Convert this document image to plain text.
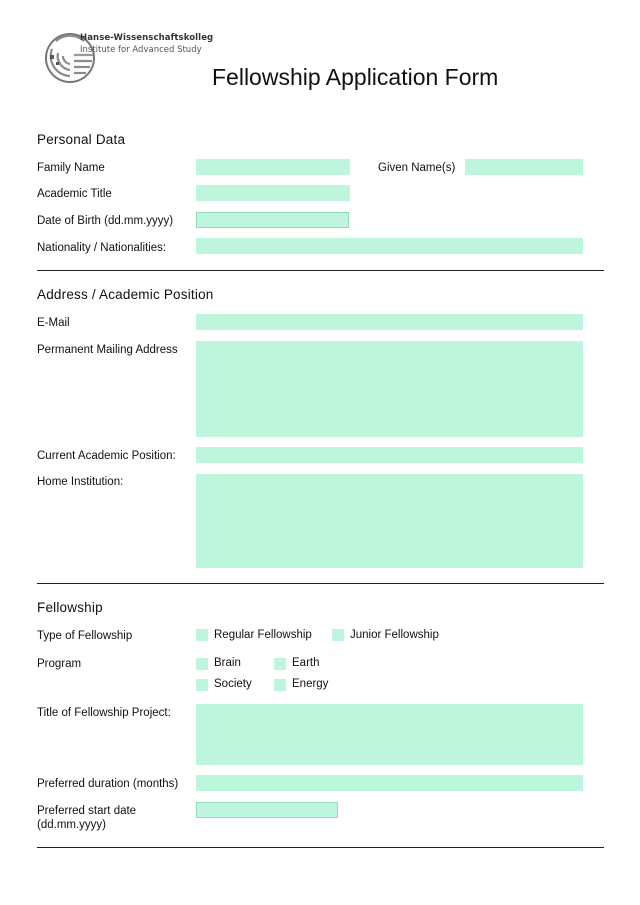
Hanse-Wissenschaftskolleg
Institute for Advanced Study
Fellowship Application Form
Personal Data
Family Name	Given Name(s)
Academic Title
Date of Birth (dd.mm.yyyy)
Nationality / Nationalities:
Address / Academic Position
E-Mail
Permanent Mailing Address
Current Academic Position:
Home Institution:
Fellowship
Type of Fellowship	Regular Fellowship	Junior Fellowship
Program	Brain	Earth
Society	Energy
Title of Fellowship Project:
Preferred duration (months)
Preferred start date
(dd.mm.yyyy)
